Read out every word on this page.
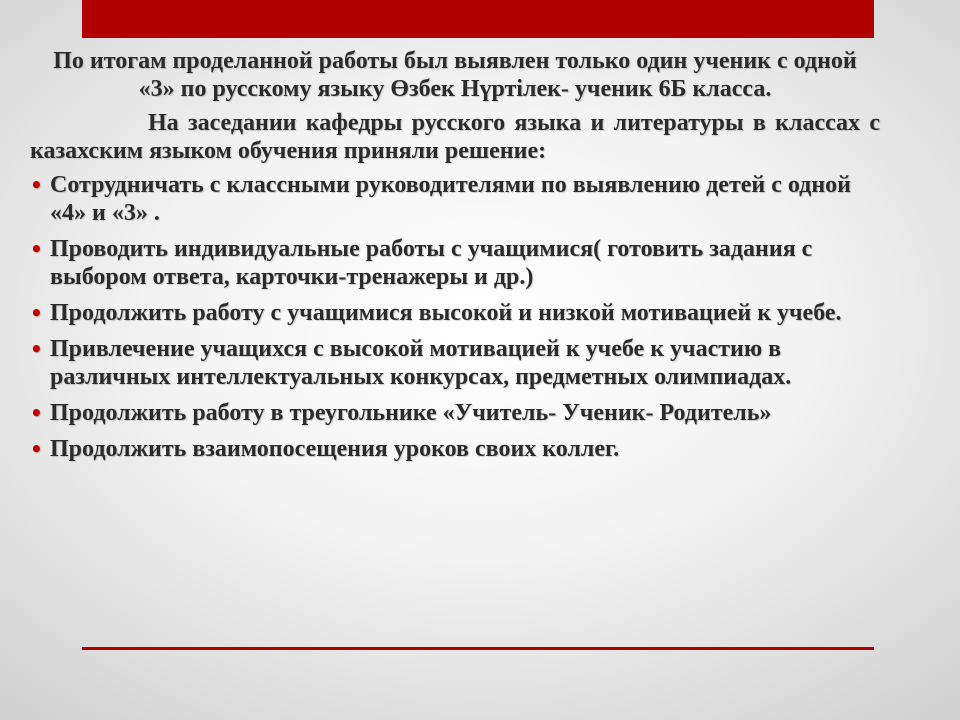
По итогам проделанной работы был выявлен только один ученик с одной «3» по русскому языку Өзбек Нүртілек- ученик 6Б класса.

На заседании кафедры русского языка и литературы в классах с казахским языком обучения приняли решение:

• Сотрудничать с классными руководителями по выявлению детей с одной «4» и «3» .
• Проводить индивидуальные работы с учащимися( готовить задания с выбором ответа, карточки-тренажеры и др.)
• Продолжить работу с учащимися высокой и низкой мотивацией к учебе.
• Привлечение учащихся с высокой мотивацией к учебе к участию в различных интеллектуальных конкурсах, предметных олимпиадах.
• Продолжить работу в треугольнике «Учитель- Ученик- Родитель»
• Продолжить взаимопосещения уроков своих коллег.
